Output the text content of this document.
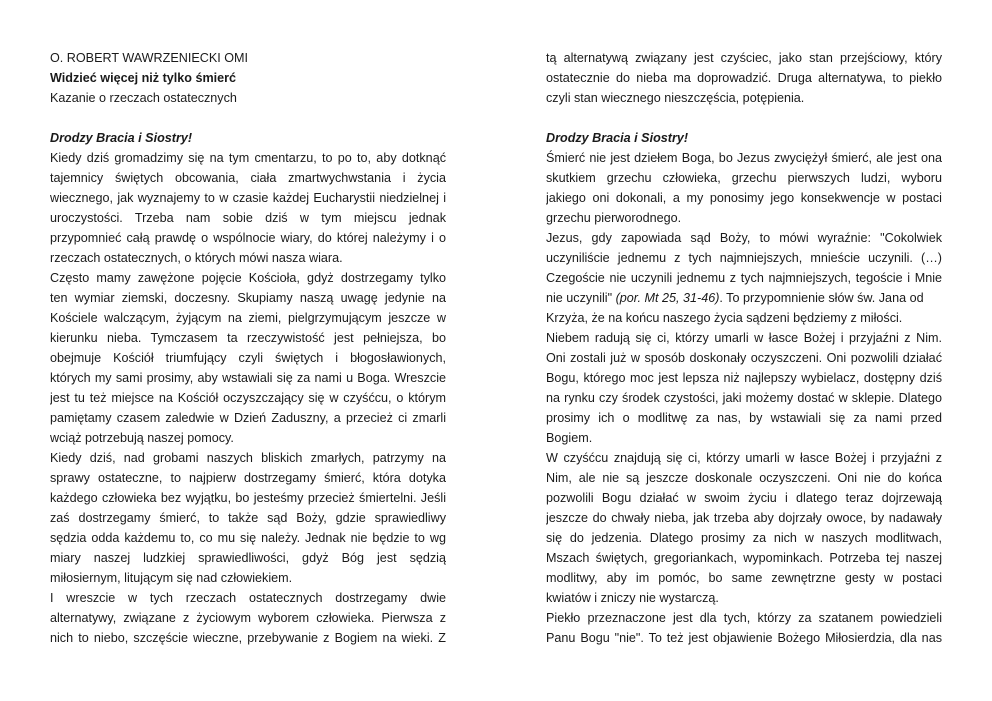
O. ROBERT WAWRZENIECKI OMI
Widzieć więcej niż tylko śmierć
Kazanie o rzeczach ostatecznych
Drodzy Bracia i Siostry!
Kiedy dziś gromadzimy się na tym cmentarzu, to po to, aby dotknąć
tajemnicy świętych obcowania, ciała zmartwychwstania i życia
wiecznego, jak wyznajemy to w czasie każdej Eucharystii niedzielnej i
uroczystości. Trzeba nam sobie dziś w tym miejscu jednak
przypomnieć całą prawdę o wspólnocie wiary, do której należymy i o
rzeczach ostatecznych, o których mówi nasza wiara.
Często mamy zawężone pojęcie Kościoła, gdyż dostrzegamy tylko
ten wymiar ziemski, doczesny. Skupiamy naszą uwagę jedynie na
Kościele walczącym, żyjącym na ziemi, pielgrzymującym jeszcze w
kierunku nieba. Tymczasem ta rzeczywistość jest pełniejsza, bo
obejmuje Kościół triumfujący czyli świętych i błogosławionych,
których my sami prosimy, aby wstawiali się za nami u Boga. Wreszcie
jest tu też miejsce na Kościół oczyszczający się w czyśćcu, o którym
pamiętamy czasem zaledwie w Dzień Zaduszny, a przecież ci zmarli
wciąż potrzebują naszej pomocy.
Kiedy dziś, nad grobami naszych bliskich zmarłych, patrzymy na
sprawy ostateczne, to najpierw dostrzegamy śmierć, która dotyka
każdego człowieka bez wyjątku, bo jesteśmy przecież śmiertelni. Jeśli
zaś dostrzegamy śmierć, to także sąd Boży, gdzie sprawiedliwy
sędzia odda każdemu to, co mu się należy. Jednak nie będzie to wg
miary naszej ludzkiej sprawiedliwości, gdyż Bóg jest sędzią
miłosiernym, litującym się nad człowiekiem.
I wreszcie w tych rzeczach ostatecznych dostrzegamy dwie
alternatywy, związane z życiowym wyborem człowieka. Pierwsza z
nich to niebo, szczęście wieczne, przebywanie z Bogiem na wieki. Z
tą alternatywą związany jest czyściec, jako stan przejściowy, który
ostatecznie do nieba ma doprowadzić. Druga alternatywa, to piekło
czyli stan wiecznego nieszczęścia, potępienia.
Drodzy Bracia i Siostry!
Śmierć nie jest dziełem Boga, bo Jezus zwyciężył śmierć, ale jest ona
skutkiem grzechu człowieka, grzechu pierwszych ludzi, wyboru
jakiego oni dokonali, a my ponosimy jego konsekwencje w postaci
grzechu pierworodnego.
Jezus, gdy zapowiada sąd Boży, to mówi wyraźnie: "Cokolwiek
uczyniliście jednemu z tych najmniejszych, mnieście uczynili. (…)
Czegoście nie uczynili jednemu z tych najmniejszych, tegoście i Mnie
nie uczynili" (por. Mt 25, 31-46). To przypomnienie słów św. Jana od
Krzyża, że na końcu naszego życia sądzeni będziemy z miłości.
Niebem radują się ci, którzy umarli w łasce Bożej i przyjaźni z Nim.
Oni zostali już w sposób doskonały oczyszczeni. Oni pozwolili działać
Bogu, którego moc jest lepsza niż najlepszy wybielacz, dostępny dziś
na rynku czy środek czystości, jaki możemy dostać w sklepie. Dlatego
prosimy ich o modlitwę za nas, by wstawiali się za nami przed
Bogiem.
W czyśćcu znajdują się ci, którzy umarli w łasce Bożej i przyjaźni z
Nim, ale nie są jeszcze doskonale oczyszczeni. Oni nie do końca
pozwolili Bogu działać w swoim życiu i dlatego teraz dojrzewają
jeszcze do chwały nieba, jak trzeba aby dojrzały owoce, by nadawały
się do jedzenia. Dlatego prosimy za nich w naszych modlitwach,
Mszach świętych, gregoriankach, wypominkach. Potrzeba tej naszej
modlitwy, aby im pomóc, bo same zewnętrzne gesty w postaci
kwiatów i zniczy nie wystarczą.
Piekło przeznaczone jest dla tych, którzy za szatanem powiedzieli
Panu Bogu "nie". To też jest objawienie Bożego Miłosierdzia, dla nas
